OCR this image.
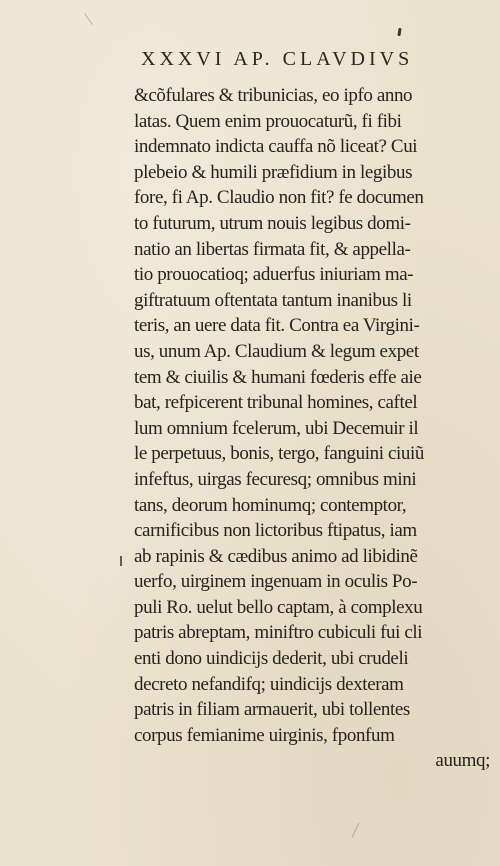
XXXVI AP. CLAVDIVS
&cõfulares & tribunicias, eo ipfo anno
latas. Quem enim prouocaturũ, fi fibi
indemnato indicta cauffa nõ liceat? Cui
plebeio & humili præfidium in legibus
fore, fi Ap. Claudio non fit? fe documen
to futurum, utrum nouis legibus domi-
natio an libertas firmata fit, & appella-
tio prouocatioq; aduerfus iniuriam ma-
giftratuum oftentata tantum inanibus li
teris, an uere data fit. Contra ea Virgini-
us, unum Ap. Claudium & legum expet
tem & ciuilis & humani fœderis effe aie
bat, refpicerent tribunal homines, caftel
lum omnium fcelerum, ubi Decemuir il
le perpetuus, bonis, tergo, fanguini ciuiũ
infeftus, uirgas fecuresq; omnibus mini
tans, deorum hominumq; contemptor,
carnificibus non lictoribus ftipatus, iam
ab rapinis & cædibus animo ad libidinẽ
uerfo, uirginem ingenuam in oculis Po-
puli Ro. uelut bello captam, à complexu
patris abreptam, miniftro cubiculi fui cli
enti dono uindicijs dederit, ubi crudeli
decreto nefandifq; uindicijs dexteram
patris in filiam armauerit, ubi tollentes
corpus femianime uirginis, fponfum
auumq;
